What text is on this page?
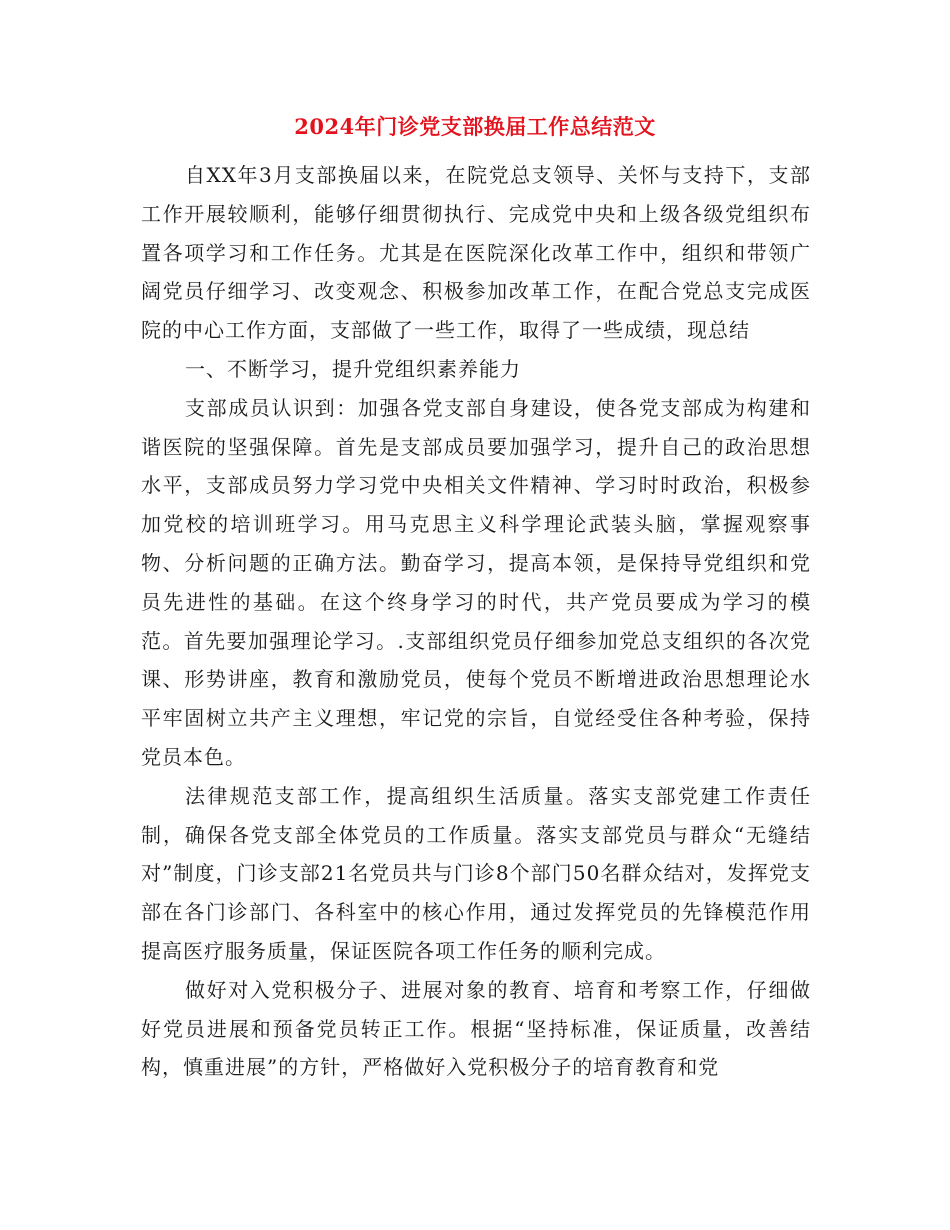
2024年门诊党支部换届工作总结范文

自XX年3月支部换届以来，在院党总支领导、关怀与支持下，支部工作开展较顺利，能够仔细贯彻执行、完成党中央和上级各级党组织布置各项学习和工作任务。尤其是在医院深化改革工作中，组织和带领广阔党员仔细学习、改变观念、积极参加改革工作，在配合党总支完成医院的中心工作方面，支部做了一些工作，取得了一些成绩，现总结

一、不断学习，提升党组织素养能力

支部成员认识到：加强各党支部自身建设，使各党支部成为构建和谐医院的坚强保障。首先是支部成员要加强学习，提升自己的政治思想水平，支部成员努力学习党中央相关文件精神、学习时时政治，积极参加党校的培训班学习。用马克思主义科学理论武装头脑，掌握观察事物、分析问题的正确方法。勤奋学习，提高本领，是保持导党组织和党员先进性的基础。在这个终身学习的时代，共产党员要成为学习的模范。首先要加强理论学习。.支部组织党员仔细参加党总支组织的各次党课、形势讲座，教育和激励党员，使每个党员不断增进政治思想理论水平牢固树立共产主义理想，牢记党的宗旨，自觉经受住各种考验，保持党员本色。

法律规范支部工作，提高组织生活质量。落实支部党建工作责任制，确保各党支部全体党员的工作质量。落实支部党员与群众“无缝结对”制度，门诊支部21名党员共与门诊8个部门50名群众结对，发挥党支部在各门诊部门、各科室中的核心作用，通过发挥党员的先锋模范作用提高医疗服务质量，保证医院各项工作任务的顺利完成。

做好对入党积极分子、进展对象的教育、培育和考察工作，仔细做好党员进展和预备党员转正工作。根据“坚持标准，保证质量，改善结构，慎重进展”的方针，严格做好入党积极分子的培育教育和党
